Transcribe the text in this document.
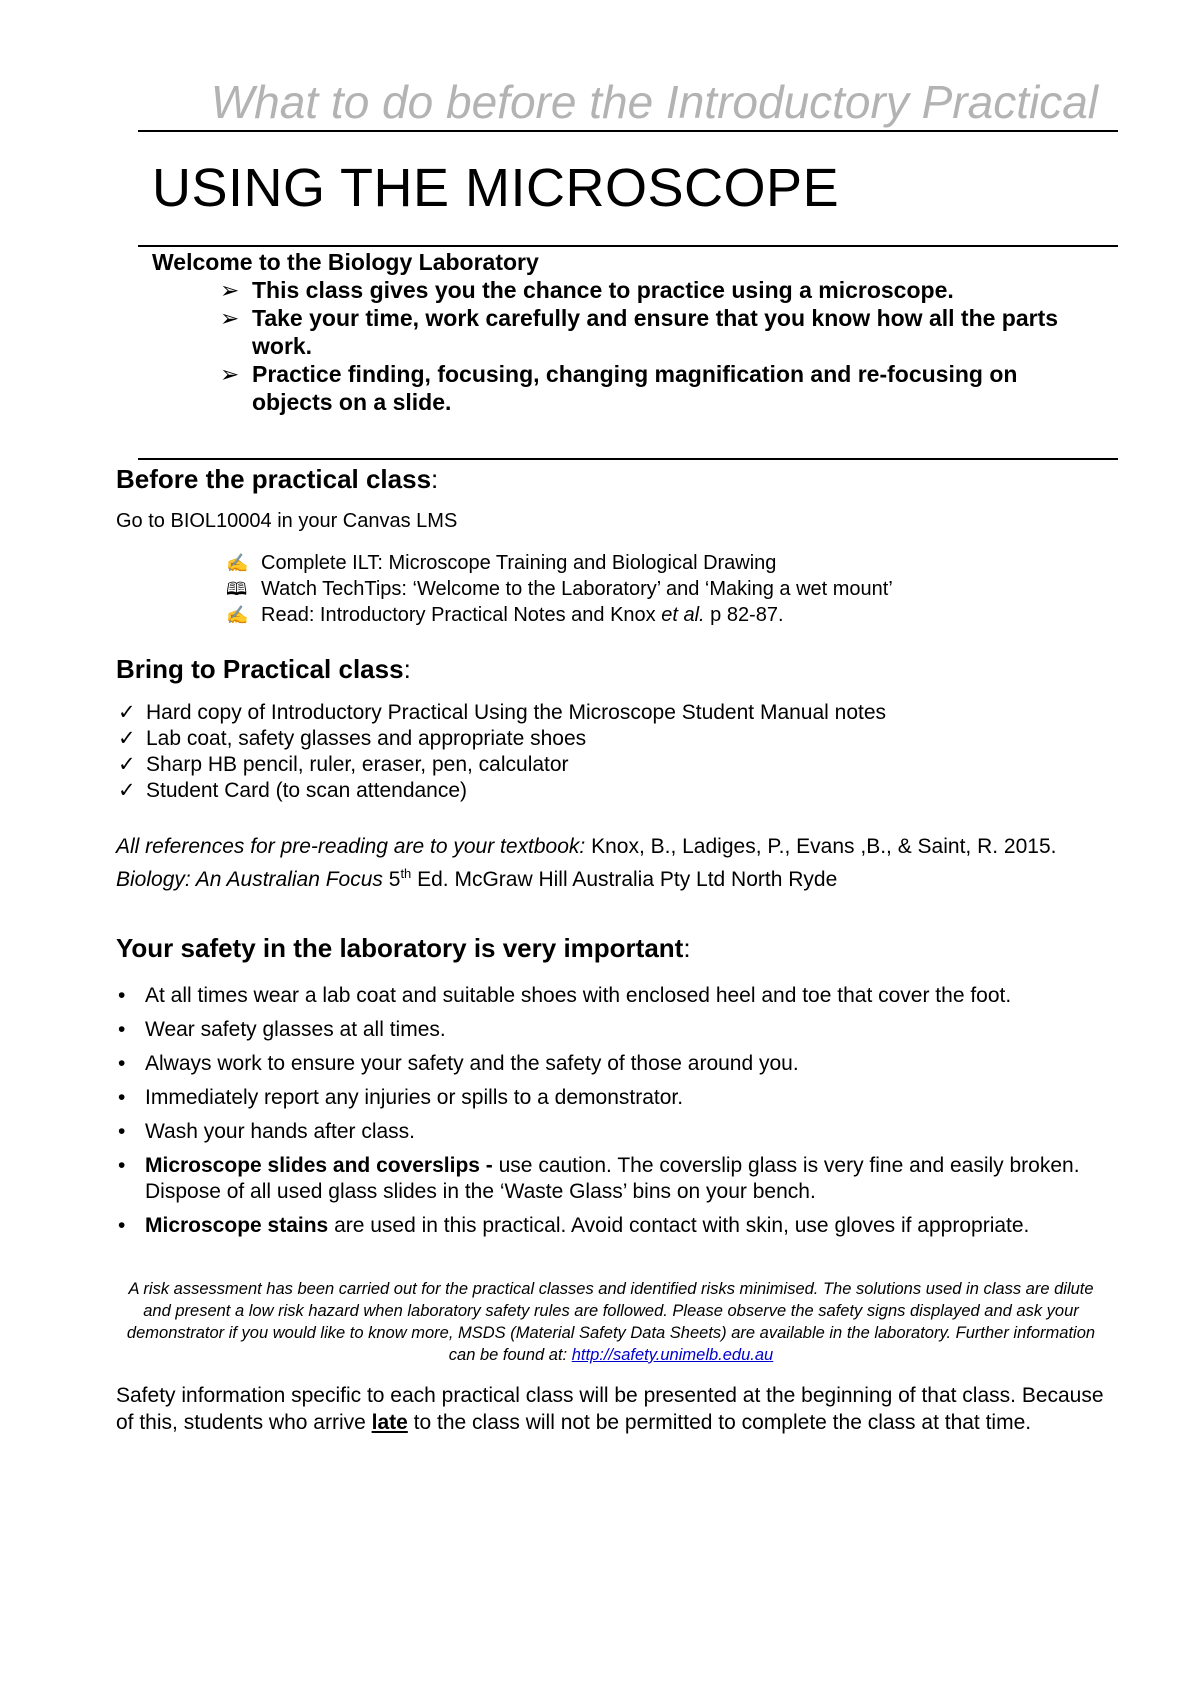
What to do before the Introductory Practical
USING THE MICROSCOPE
Welcome to the Biology Laboratory
➢ This class gives you the chance to practice using a microscope.
➢ Take your time, work carefully and ensure that you know how all the parts work.
➢ Practice finding, focusing, changing magnification and re-focusing on objects on a slide.
Before the practical class:
Go to BIOL10004 in your Canvas LMS
✍ Complete ILT: Microscope Training and Biological Drawing
🕮 Watch TechTips: ‘Welcome to the Laboratory’ and ‘Making a wet mount’
✍ Read: Introductory Practical Notes and Knox et al. p 82-87.
Bring to Practical class:
✓ Hard copy of Introductory Practical Using the Microscope Student Manual notes
✓ Lab coat, safety glasses and appropriate shoes
✓ Sharp HB pencil, ruler, eraser, pen, calculator
✓ Student Card (to scan attendance)
All references for pre-reading are to your textbook: Knox, B., Ladiges, P., Evans ,B., & Saint, R. 2015. Biology: An Australian Focus 5th Ed. McGraw Hill Australia Pty Ltd North Ryde
Your safety in the laboratory is very important:
• At all times wear a lab coat and suitable shoes with enclosed heel and toe that cover the foot.
• Wear safety glasses at all times.
• Always work to ensure your safety and the safety of those around you.
• Immediately report any injuries or spills to a demonstrator.
• Wash your hands after class.
• Microscope slides and coverslips - use caution. The coverslip glass is very fine and easily broken. Dispose of all used glass slides in the ‘Waste Glass’ bins on your bench.
• Microscope stains are used in this practical. Avoid contact with skin, use gloves if appropriate.
A risk assessment has been carried out for the practical classes and identified risks minimised. The solutions used in class are dilute and present a low risk hazard when laboratory safety rules are followed. Please observe the safety signs displayed and ask your demonstrator if you would like to know more, MSDS (Material Safety Data Sheets) are available in the laboratory. Further information can be found at: http://safety.unimelb.edu.au
Safety information specific to each practical class will be presented at the beginning of that class. Because of this, students who arrive late to the class will not be permitted to complete the class at that time.
